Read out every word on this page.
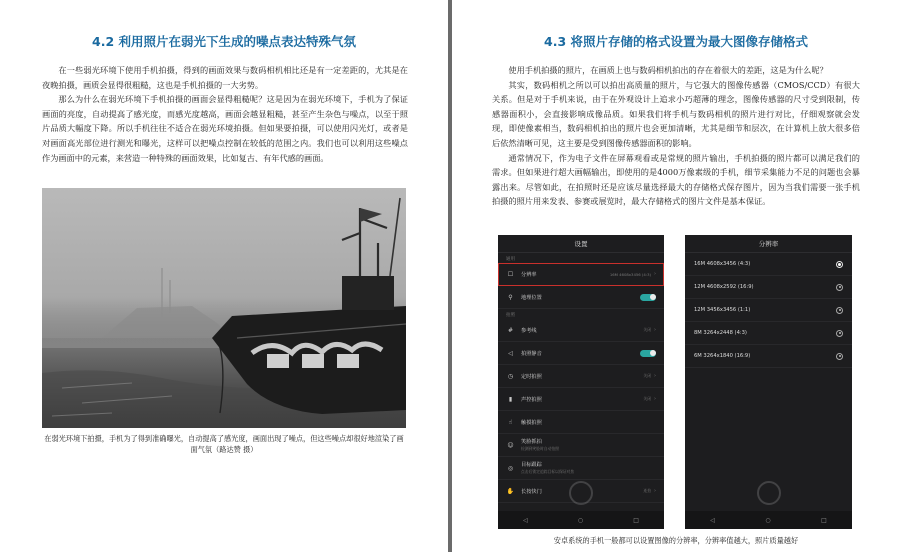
4.2 利用照片在弱光下生成的噪点表达特殊气氛

在一些弱光环境下使用手机拍摄，得到的画面效果与数码相机相比还是有一定差距的，尤其是在夜晚拍摄，画质会显得很粗糙，这也是手机拍摄的一大劣势。

那么为什么在弱光环境下手机拍摄的画面会显得粗糙呢？这是因为在弱光环境下，手机为了保证画面的亮度，自动提高了感光度，而感光度越高，画面会越显粗糙，甚至产生杂色与噪点，以至于照片品质大幅度下降。所以手机往往不适合在弱光环境拍摄。但如果要拍摄，可以使用闪光灯，或者是对画面高光部位进行测光和曝光，这样可以把噪点控制在较低的范围之内。我们也可以利用这些噪点作为画面中的元素，来营造一种特殊的画面效果，比如复古、有年代感的画面。

在弱光环境下拍摄，手机为了得到准确曝光，自动提高了感光度，画面出现了噪点，但这些噪点却很好地渲染了画面气氛（路达赞 摄）
4.3 将照片存储的格式设置为最大图像存储格式

使用手机拍摄的照片，在画质上也与数码相机拍出的存在着很大的差距，这是为什么呢？

其实，数码相机之所以可以拍出高质量的照片，与它强大的图像传感器（CMOS/CCD）有很大关系。但是对于手机来说，由于在外观设计上追求小巧超薄的理念，图像传感器的尺寸受到限制，传感器面积小，会直接影响成像品质。如果我们将手机与数码相机的照片进行对比，仔细观察就会发现，即使像素相当，数码相机拍出的照片也会更加清晰，尤其是细节和层次，在计算机上放大很多倍后依然清晰可见，这主要是受到图像传感器面积的影响。

通常情况下，作为电子文件在屏幕观看或是常规的照片输出，手机拍摄的照片都可以满足我们的需求。但如果进行超大画幅输出，即使用的是4000万像素级的手机，细节采集能力不足的问题也会暴露出来。尽管如此，在拍照时还是应该尽量选择最大的存储格式保存图片，因为当我们需要一张手机拍摄的照片用来发表、参赛或展览时，最大存储格式的图片文件是基本保证。

设置
通用
☐	分辨率	16M 4608x3456 (4:3) ›
⚲	地理位置
拍照
#	参考线	关闭 ›
◁	拍照静音
◷	定时拍照	关闭 ›
▮	声控拍照	关闭 ›
☝	触摸拍照
☺ 笑脸抓拍
检测到笑脸时自动拍照
◎	目标跟踪
点击后锁定追踪目标以保证对焦
✋ 长按快门	连拍 ›
◁	○	□
分辨率
16M 4608x3456 (4:3)
12M 4608x2592 (16:9)
12M 3456x3456 (1:1)
8M 3264x2448 (4:3)
6M 3264x1840 (16:9)
◁	○	□
安卓系统的手机一般都可以设置图像的分辨率，分辨率值越大，照片质量越好
